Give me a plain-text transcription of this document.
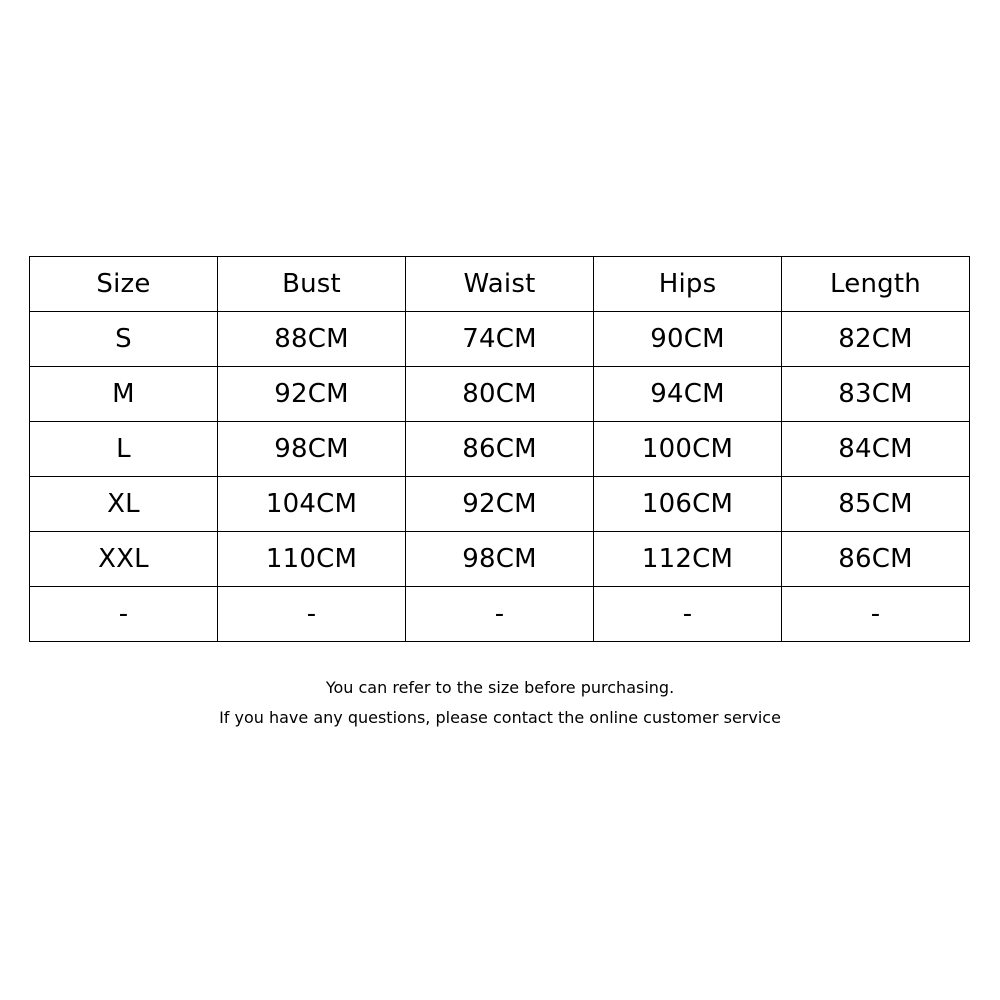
Size	Bust	Waist	Hips	Length
S	88CM	74CM	90CM	82CM
M	92CM	80CM	94CM	83CM
L	98CM	86CM	100CM	84CM
XL	104CM	92CM	106CM	85CM
XXL	110CM	98CM	112CM	86CM
-	-	-	-	-
You can refer to the size before purchasing.
If you have any questions, please contact the online customer service
